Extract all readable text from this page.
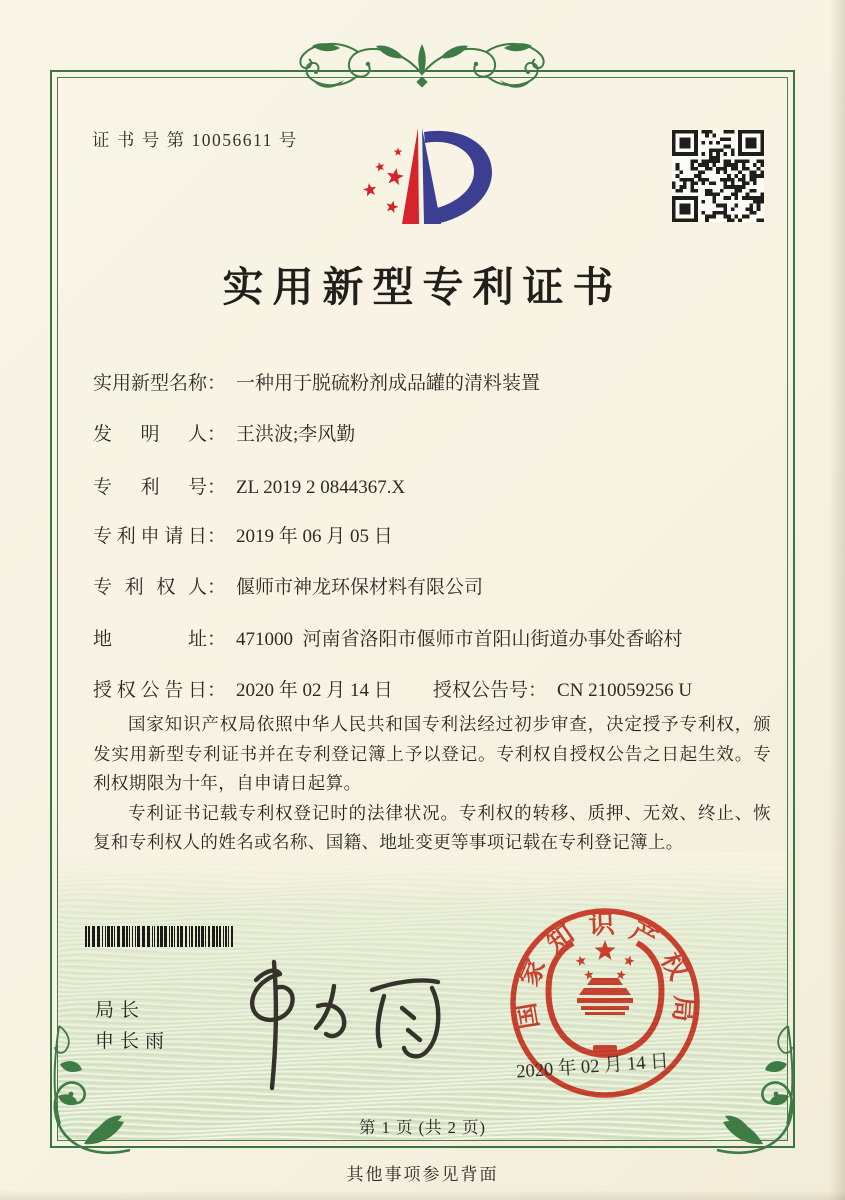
证 书 号 第 10056611 号
实用新型专利证书
实用新型名称： 一种用于脱硫粉剂成品罐的清料装置
发明人： 王洪波;李风勤
专利号： ZL 2019 2 0844367.X
专利申请日： 2019 年 06 月 05 日
专利权人： 偃师市神龙环保材料有限公司
地址： 471000  河南省洛阳市偃师市首阳山街道办事处香峪村
授权公告日： 2020 年 02 月 14 日 授权公告号： CN 210059256 U

国家知识产权局依照中华人民共和国专利法经过初步审查，决定授予专利权，颁发实用新型专利证书并在专利登记簿上予以登记。专利权自授权公告之日起生效。专利权期限为十年，自申请日起算。

专利证书记载专利权登记时的法律状况。专利权的转移、质押、无效、终止、恢复和专利权人的姓名或名称、国籍、地址变更等事项记载在专利登记簿上。

局长
申长雨
国家知识产权局
2020 年 02 月 14 日
第 1 页 (共 2 页)
其他事项参见背面
